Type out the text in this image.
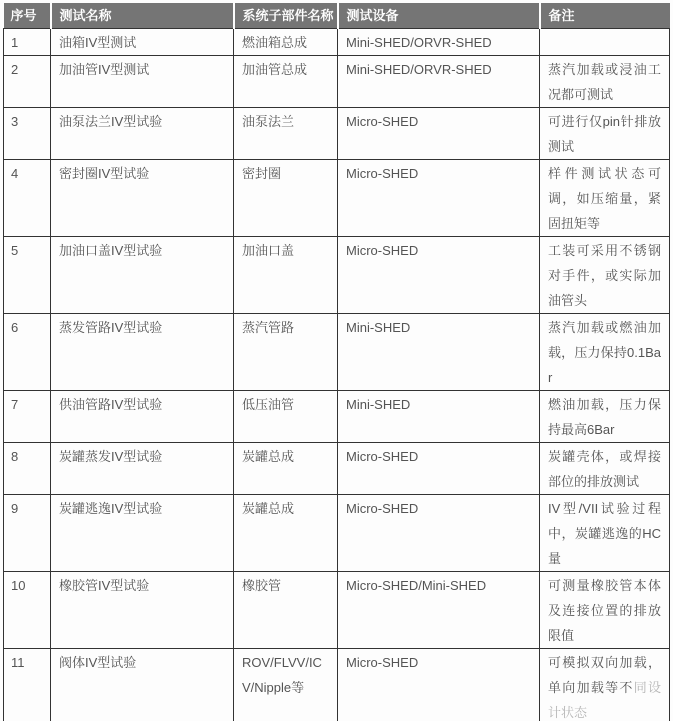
序号	测试名称	系统子部件名称	测试设备	备注
1	油箱IV型测试	燃油箱总成	Mini-SHED/ORVR-SHED	
2	加油管IV型测试	加油管总成	Mini-SHED/ORVR-SHED	蒸汽加载或浸油工况都可测试
3	油泵法兰IV型试验	油泵法兰	Micro-SHED	可进行仅pin针排放测试
4	密封圈IV型试验	密封圈	Micro-SHED	样件测试状态可调，如压缩量，紧固扭矩等
5	加油口盖IV型试验	加油口盖	Micro-SHED	工装可采用不锈钢对手件，或实际加油管头
6	蒸发管路IV型试验	蒸汽管路	Mini-SHED	蒸汽加载或燃油加载，压力保持0.1Bar
7	供油管路IV型试验	低压油管	Mini-SHED	燃油加载，压力保持最高6Bar
8	炭罐蒸发IV型试验	炭罐总成	Micro-SHED	炭罐壳体，或焊接部位的排放测试
9	炭罐逃逸IV型试验	炭罐总成	Micro-SHED	IV型/VII试验过程中，炭罐逃逸的HC量
10	橡胶管IV型试验	橡胶管	Micro-SHED/Mini-SHED	可测量橡胶管本体及连接位置的排放限值
11	阀体IV型试验	ROV/FLVV/ICV/Nipple等	Micro-SHED	可模拟双向加载，单向加载等不同设计状态
